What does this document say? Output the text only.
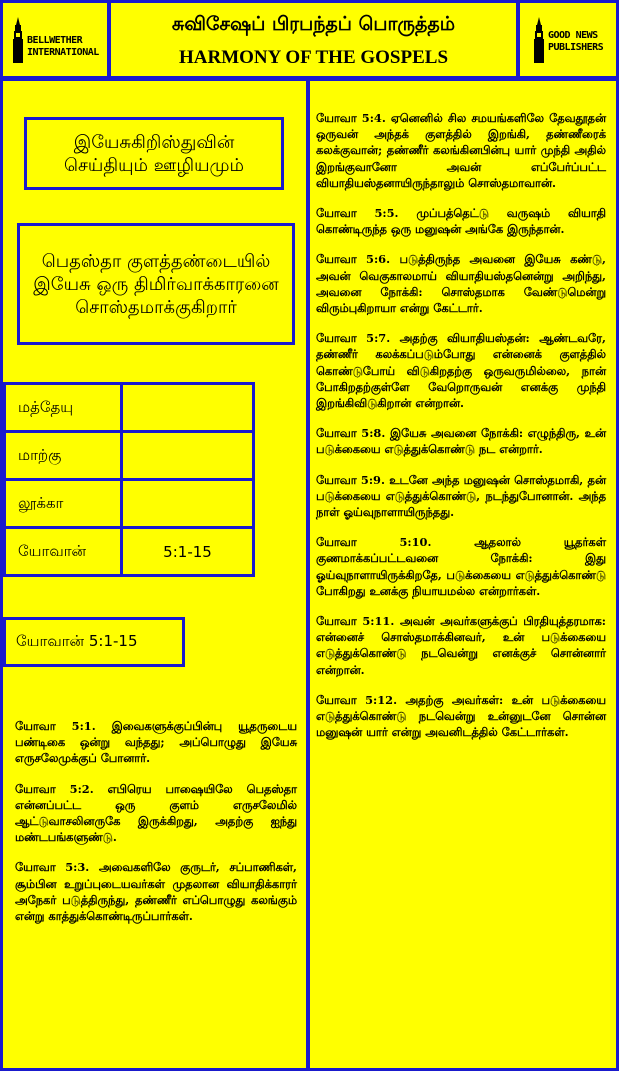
BELLWETHER
INTERNATIONAL
சுவிசேஷப் பிரபந்தப் பொருத்தம்
HARMONY OF THE GOSPELS
GOOD NEWS
PUBLISHERS
இயேசுகிறிஸ்துவின் செய்தியும் ஊழியமும்
பெதஸ்தா குளத்தண்டையில் இயேசு ஒரு திமிர்வாக்காரனை சொஸ்தமாக்குகிறார்
மத்தேயு
மாற்கு
லூக்கா
யோவான்	5:1-15
யோவான் 5:1-15

யோவா 5:1. இவைகளுக்குப்பின்பு யூதருடைய பண்டிகை ஒன்று வந்தது; அப்பொழுது இயேசு எருசலேமுக்குப் போனார்.

யோவா 5:2. எபிரெய பாஷையிலே பெதஸ்தா என்னப்பட்ட ஒரு குளம் எருசலேமில் ஆட்டுவாசலினருகே இருக்கிறது, அதற்கு ஐந்து மண்டபங்களுண்டு.

யோவா 5:3. அவைகளிலே குருடர், சப்பாணிகள், சூம்பின உறுப்புடையவர்கள் முதலான வியாதிக்காரர் அநேகர் படுத்திருந்து, தண்ணீர் எப்பொழுது கலங்கும் என்று காத்துக்கொண்டிருப்பார்கள்.

யோவா 5:4. ஏனெனில் சில சமயங்களிலே தேவதூதன் ஒருவன் அந்தக் குளத்தில் இறங்கி, தண்ணீரைக் கலக்குவான்; தண்ணீர் கலங்கினபின்பு யார் முந்தி அதில் இறங்குவானோ அவன் எப்பேர்ப்பட்ட வியாதியஸ்தனாயிருந்தாலும் சொஸ்தமாவான்.

யோவா 5:5. முப்பத்தெட்டு வருஷம் வியாதி கொண்டிருந்த ஒரு மனுஷன் அங்கே இருந்தான்.

யோவா 5:6. படுத்திருந்த அவனை இயேசு கண்டு, அவன் வெகுகாலமாய் வியாதியஸ்தனென்று அறிந்து, அவனை நோக்கி: சொஸ்தமாக வேண்டுமென்று விரும்புகிறாயா என்று கேட்டார்.

யோவா 5:7. அதற்கு வியாதியஸ்தன்: ஆண்டவரே, தண்ணீர் கலக்கப்படும்போது என்னைக் குளத்தில் கொண்டுபோய் விடுகிறதற்கு ஒருவருமில்லை, நான் போகிறதற்குள்ளே வேறொருவன் எனக்கு முந்தி இறங்கிவிடுகிறான் என்றான்.

யோவா 5:8. இயேசு அவனை நோக்கி: எழுந்திரு, உன் படுக்கையை எடுத்துக்கொண்டு நட என்றார்.

யோவா 5:9. உடனே அந்த மனுஷன் சொஸ்தமாகி, தன் படுக்கையை எடுத்துக்கொண்டு, நடந்துபோனான். அந்த நாள் ஓய்வுநாளாயிருந்தது.

யோவா 5:10. ஆதலால் யூதர்கள் குணமாக்கப்பட்டவனை நோக்கி: இது ஓய்வுநாளாயிருக்கிறதே, படுக்கையை எடுத்துக்கொண்டு போகிறது உனக்கு நியாயமல்ல என்றார்கள்.

யோவா 5:11. அவன் அவர்களுக்குப் பிரதியுத்தரமாக: என்னைச் சொஸ்தமாக்கினவர், உன் படுக்கையை எடுத்துக்கொண்டு நடவென்று எனக்குச் சொன்னார் என்றான்.

யோவா 5:12. அதற்கு அவர்கள்: உன் படுக்கையை எடுத்துக்கொண்டு நடவென்று உன்னுடனே சொன்ன மனுஷன் யார் என்று அவனிடத்தில் கேட்டார்கள்.
